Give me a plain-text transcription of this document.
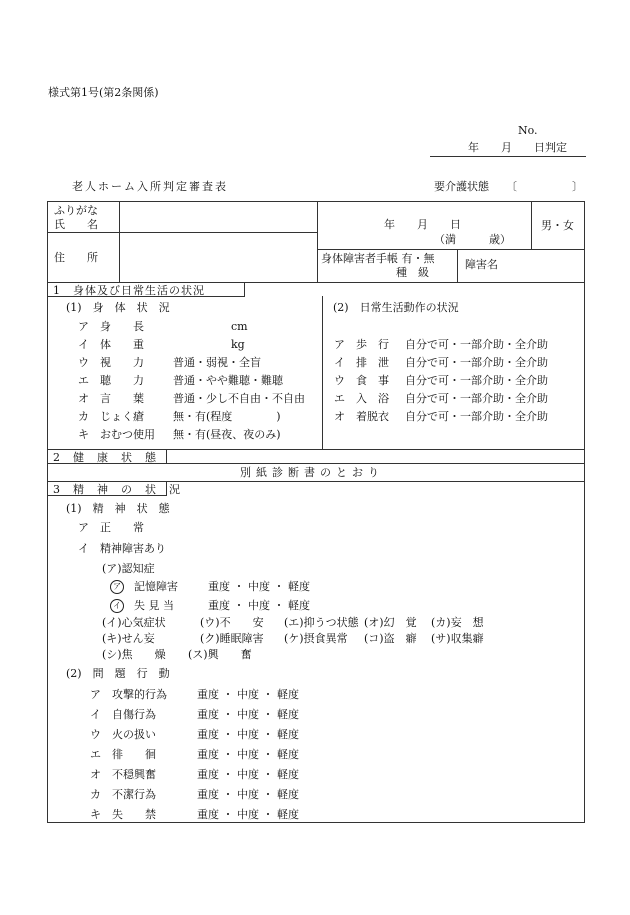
様式第1号(第2条関係)
No.
年　　月　　日判定
老人ホーム入所判定審査表	要介護状態 〔　　　　　〕
ふりがな
氏　　名	年　　月　　日
（満　　　歳）
男・女
住　　所	身体障害者手帳 有・無
種　級
障害名
1　身体及び日常生活の状況
(1)　身　体　状　況
ア　身　　長	cm
イ　体　　重	kg
ウ　視　　力	普通・弱視・全盲
エ　聴　　力	普通・やや難聴・難聴
オ　言　　葉	普通・少し不自由・不自由
カ　じょく瘡	無・有(程度　　　　)
キ　おむつ使用 無・有(昼夜、夜のみ)
(2)　日常生活動作の状況
ア　歩　行 自分で可・一部介助・全介助
イ　排　泄 自分で可・一部介助・全介助
ウ　食　事 自分で可・一部介助・全介助
エ　入　浴 自分で可・一部介助・全介助
オ　着脱衣 自分で可・一部介助・全介助
2　健　康　状　態
別紙診断書のとおり
3　精　神　の　状　況
(1)　精　神　状　態
ア　正　　常
イ　精神障害あり
(ア)認知症
ア 記憶障害	重度 ・ 中度 ・ 軽度
イ 失 見 当	重度 ・ 中度 ・ 軽度
(イ)心気症状	(ウ)不　　安 (エ)抑うつ状態 (オ)幻　覚 (カ)妄　想
(キ)せん妄	(ク)睡眠障害 (ケ)摂食異常 (コ)盗　癖 (サ)収集癖
(シ)焦　　燥 (ス)興　　奮
(2)　問　題　行　動
ア　攻撃的行為	重度 ・ 中度 ・ 軽度
イ　自傷行為	重度 ・ 中度 ・ 軽度
ウ　火の扱い	重度 ・ 中度 ・ 軽度
エ　徘　　徊	重度 ・ 中度 ・ 軽度
オ　不穏興奮	重度 ・ 中度 ・ 軽度
カ　不潔行為	重度 ・ 中度 ・ 軽度
キ　失　　禁	重度 ・ 中度 ・ 軽度
